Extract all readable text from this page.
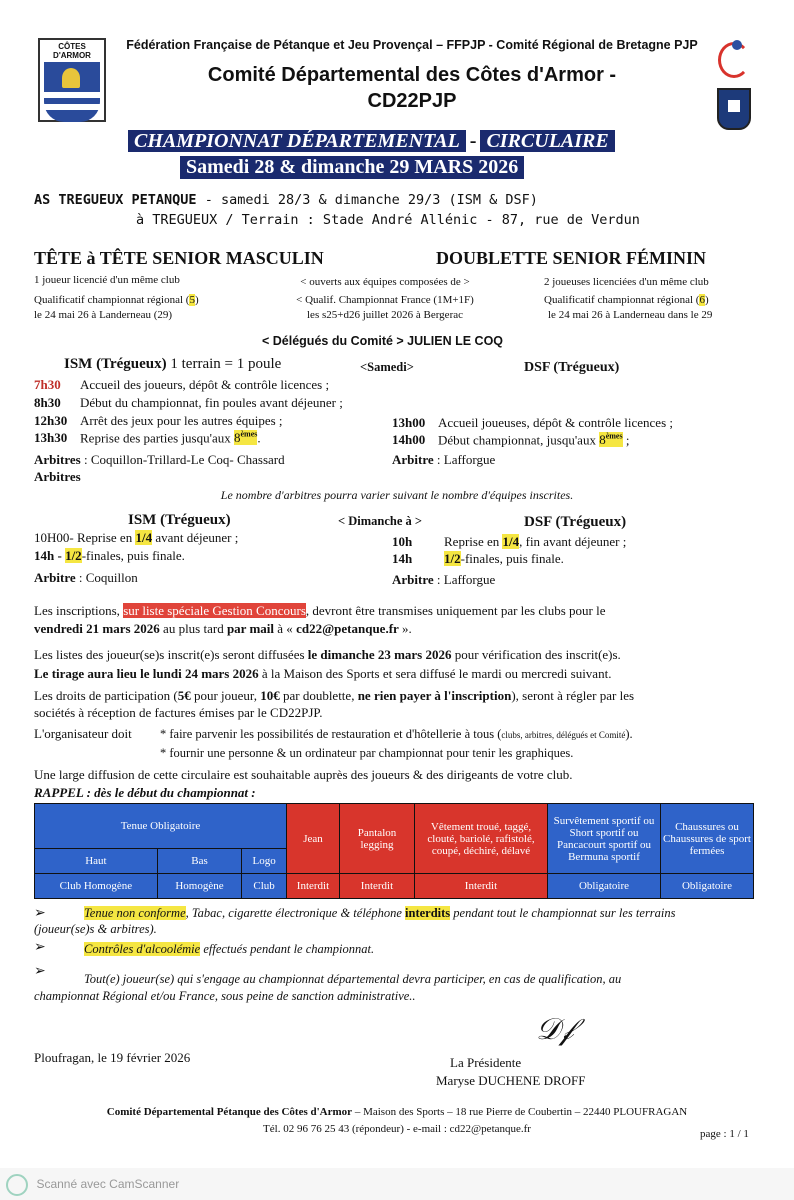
CÔTES D'ARMOR
Fédération Française de Pétanque et Jeu Provençal – FFPJP - Comité Régional de Bretagne PJP
Comité Départemental des Côtes d'Armor -
CD22PJP
CHAMPIONNAT DÉPARTEMENTAL - CIRCULAIRE
Samedi 28 & dimanche 29 MARS 2026
AS TREGUEUX PETANQUE - samedi 28/3 & dimanche 29/3 (ISM & DSF)
à TREGUEUX / Terrain : Stade André Allénic - 87, rue de Verdun
TÊTE à TÊTE SENIOR MASCULIN
1 joueur licencié d'un même club
Qualificatif championnat régional (5)
le 24 mai 26 à Landerneau (29)
< ouverts aux équipes composées de >
< Qualif. Championnat France (1M+1F)
les s25+d26 juillet 2026 à Bergerac
DOUBLETTE SENIOR FÉMININ
2 joueuses licenciées d'un même club
Qualificatif championnat régional (6)
le 24 mai 26 à Landerneau dans le 29
< Délégués du Comité > JULIEN LE COQ
ISM (Trégueux) 1 terrain = 1 poule	<Samedi>	DSF (Trégueux)
7h30 Accueil des joueurs, dépôt & contrôle licences ;
8h30 Début du championnat, fin poules avant déjeuner ;
12h30 Arrêt des jeux pour les autres équipes ;
13h30 Reprise des parties jusqu'aux 8èmes.
13h00 Accueil joueuses, dépôt & contrôle licences ;
14h00 Début championnat, jusqu'aux 8èmes ;
Arbitres : Coquillon-Trillard-Le Coq- Chassard
Arbitres
Arbitre : Lafforgue
Le nombre d'arbitres pourra varier suivant le nombre d'équipes inscrites.
ISM (Trégueux)	< Dimanche à >	DSF (Trégueux)
10H00- Reprise en 1/4 avant déjeuner ;
14h - 1/2-finales, puis finale.
10h Reprise en 1/4, fin avant déjeuner ;
14h 1/2-finales, puis finale.
Arbitre : Coquillon	Arbitre : Lafforgue
Les inscriptions, sur liste spéciale Gestion Concours, devront être transmises uniquement par les clubs pour le
vendredi 21 mars 2026 au plus tard par mail à « cd22@petanque.fr ».
Les listes des joueur(se)s inscrit(e)s seront diffusées le dimanche 23 mars 2026 pour vérification des inscrit(e)s.
Le tirage aura lieu le lundi 24 mars 2026 à la Maison des Sports et sera diffusé le mardi ou mercredi suivant.
Les droits de participation (5€ pour joueur, 10€ par doublette, ne rien payer à l'inscription), seront à régler par les
sociétés à réception de factures émises par le CD22PJP.
L'organisateur doit * faire parvenir les possibilités de restauration et d'hôtellerie à tous (clubs, arbitres, délégués et Comité).
* fournir une personne & un ordinateur par championnat pour tenir les graphiques.
Une large diffusion de cette circulaire est souhaitable auprès des joueurs & des dirigeants de votre club.
RAPPEL : dès le début du championnat :
Tenue Obligatoire			Jean	Pantalon legging	Vêtement troué, taggé, clouté, bariolé, rafistolé, coupé, déchiré, délavé	Survêtement sportif ou Short sportif ou Pancacourt sportif ou Bermuna sportif	Chaussures ou Chaussures de sport fermées
Haut	Bas	Logo					
Club Homogène	Homogène	Club	Interdit	Interdit	Interdit	Obligatoire	Obligatoire
➢	Tenue non conforme, Tabac, cigarette électronique & téléphone interdits pendant tout le championnat sur les terrains
(joueur(se)s & arbitres).
➢	Contrôles d'alcoolémie effectués pendant le championnat.
➢	Tout(e) joueur(se) qui s'engage au championnat départemental devra participer, en cas de qualification, au
championnat Régional et/ou France, sous peine de sanction administrative..
Ploufragan, le 19 février 2026
𝒟𝒻
La Présidente
Maryse DUCHENE DROFF
Comité Départemental Pétanque des Côtes d'Armor – Maison des Sports – 18 rue Pierre de Coubertin – 22440 PLOUFRAGAN
Tél. 02 96 76 25 43 (répondeur) - e-mail : cd22@petanque.fr	page : 1 / 1
$^{Scanné avec CamScanner}$
